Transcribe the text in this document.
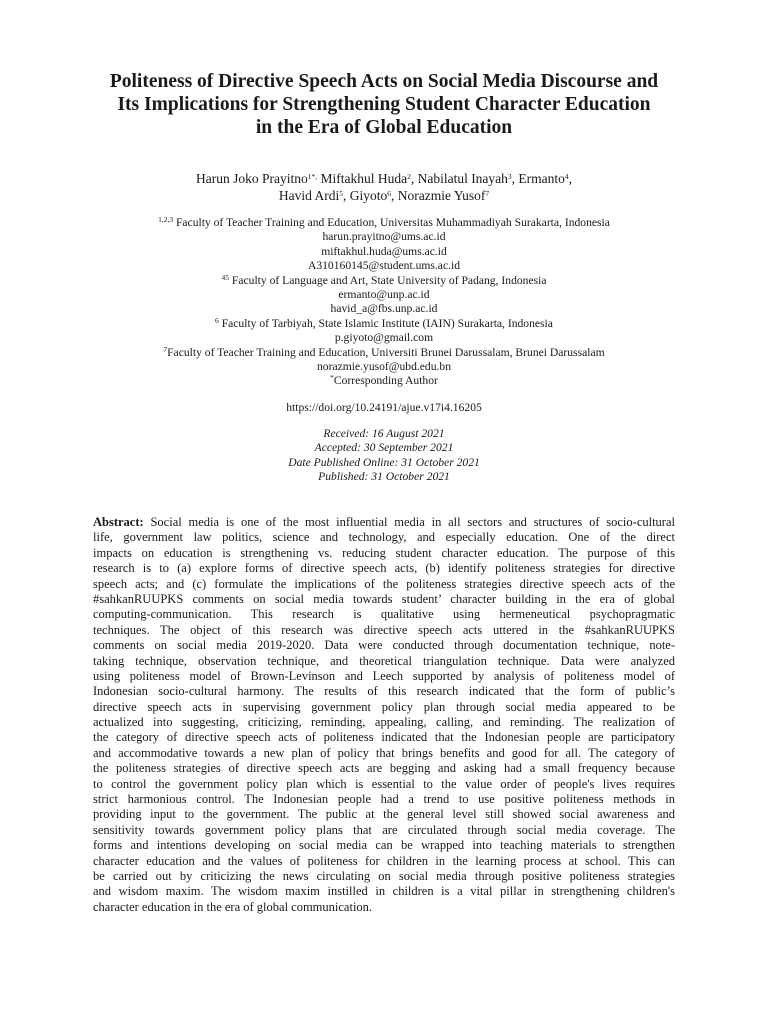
Politeness of Directive Speech Acts on Social Media Discourse and
Its Implications for Strengthening Student Character Education
in the Era of Global Education
Harun Joko Prayitno$^{1*,}$ Miftakhul Huda$^2$, Nabilatul Inayah$^3$, Ermanto$^4$,
Havid Ardi$^5$, Giyoto$^6$, Norazmie Yusof$^7$
$^{1,2,3}$ Faculty of Teacher Training and Education, Universitas Muhammadiyah Surakarta, Indonesia
harun.prayitno@ums.ac.id
miftakhul.huda@ums.ac.id
A310160145@student.ums.ac.id
$^{45}$ Faculty of Language and Art, State University of Padang, Indonesia
ermanto@unp.ac.id
havid_a@fbs.unp.ac.id
$^6$ Faculty of Tarbiyah, State Islamic Institute (IAIN) Surakarta, Indonesia
p.giyoto@gmail.com
$^7$Faculty of Teacher Training and Education, Universiti Brunei Darussalam, Brunei Darussalam
norazmie.yusof@ubd.edu.bn
*Corresponding Author
https://doi.org/10.24191/ajue.v17i4.16205
Received: 16 August 2021
Accepted: 30 September 2021
Date Published Online: 31 October 2021
Published: 31 October 2021
Abstract: Social media is one of the most influential media in all sectors and structures of socio-cultural
life, government law politics, science and technology, and especially education. One of the direct
impacts on education is strengthening vs. reducing student character education. The purpose of this
research is to (a) explore forms of directive speech acts, (b) identify politeness strategies for directive
speech acts; and (c) formulate the implications of the politeness strategies directive speech acts of the
#sahkanRUUPKS comments on social media towards student’ character building in the era of global
computing-communication. This research is qualitative using hermeneutical psychopragmatic
techniques. The object of this research was directive speech acts uttered in the #sahkanRUUPKS
comments on social media 2019-2020. Data were conducted through documentation technique, note-
taking technique, observation technique, and theoretical triangulation technique. Data were analyzed
using politeness model of Brown-Levinson and Leech supported by analysis of politeness model of
Indonesian socio-cultural harmony. The results of this research indicated that the form of public’s
directive speech acts in supervising government policy plan through social media appeared to be
actualized into suggesting, criticizing, reminding, appealing, calling, and reminding. The realization of
the category of directive speech acts of politeness indicated that the Indonesian people are participatory
and accommodative towards a new plan of policy that brings benefits and good for all. The category of
the politeness strategies of directive speech acts are begging and asking had a small frequency because
to control the government policy plan which is essential to the value order of people's lives requires
strict harmonious control. The Indonesian people had a trend to use positive politeness methods in
providing input to the government. The public at the general level still showed social awareness and
sensitivity towards government policy plans that are circulated through social media coverage. The
forms and intentions developing on social media can be wrapped into teaching materials to strengthen
character education and the values of politeness for children in the learning process at school. This can
be carried out by criticizing the news circulating on social media through positive politeness strategies
and wisdom maxim. The wisdom maxim instilled in children is a vital pillar in strengthening children's
character education in the era of global communication.
